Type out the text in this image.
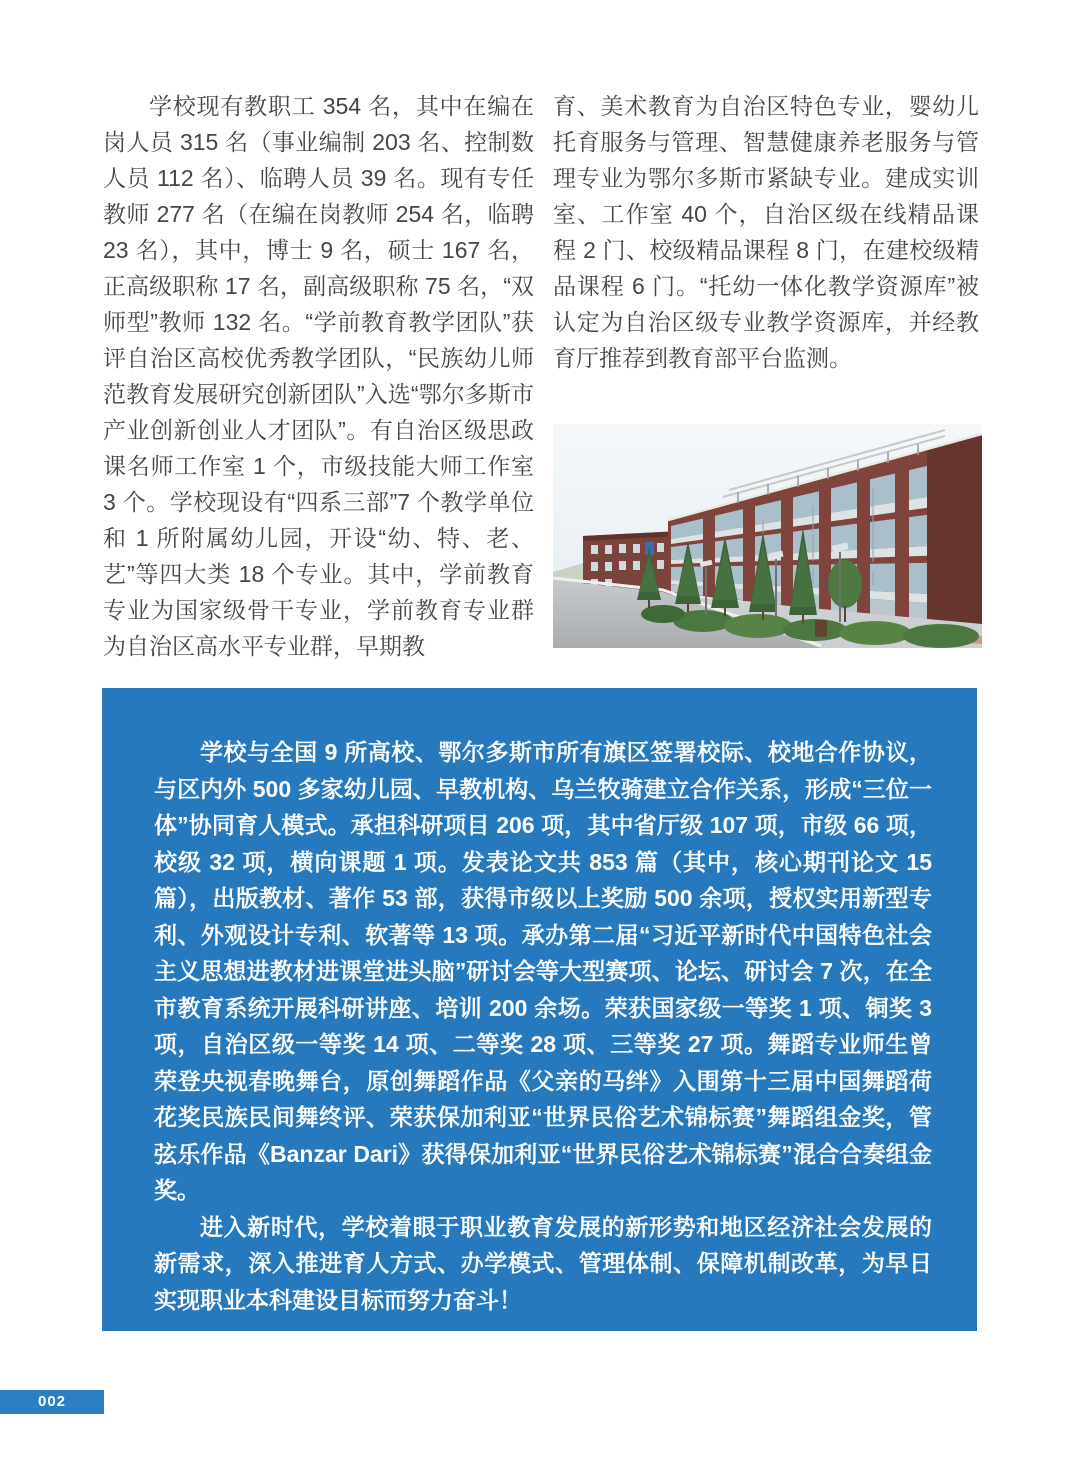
学校现有教职工 354 名，其中在编在岗人员 315 名（事业编制 203 名、控制数人员 112 名）、临聘人员 39 名。现有专任教师 277 名（在编在岗教师 254 名，临聘 23 名），其中，博士 9 名，硕士 167 名，正高级职称 17 名，副高级职称 75 名，“双师型”教师 132 名。“学前教育教学团队”获评自治区高校优秀教学团队，“民族幼儿师范教育发展研究创新团队”入选“鄂尔多斯市产业创新创业人才团队”。有自治区级思政课名师工作室 1 个，市级技能大师工作室 3 个。学校现设有“四系三部”7 个教学单位和 1 所附属幼儿园，开设“幼、特、老、艺”等四大类 18 个专业。其中，学前教育专业为国家级骨干专业，学前教育专业群为自治区高水平专业群，早期教
育、美术教育为自治区特色专业，婴幼儿托育服务与管理、智慧健康养老服务与管理专业为鄂尔多斯市紧缺专业。建成实训室、工作室 40 个，自治区级在线精品课程 2 门、校级精品课程 8 门，在建校级精品课程 6 门。“托幼一体化教学资源库”被认定为自治区级专业教学资源库，并经教育厅推荐到教育部平台监测。

学校与全国 9 所高校、鄂尔多斯市所有旗区签署校际、校地合作协议，与区内外 500 多家幼儿园、早教机构、乌兰牧骑建立合作关系，形成“三位一体”协同育人模式。承担科研项目 206 项，其中省厅级 107 项，市级 66 项，校级 32 项，横向课题 1 项。发表论文共 853 篇（其中，核心期刊论文 15 篇），出版教材、著作 53 部，获得市级以上奖励 500 余项，授权实用新型专利、外观设计专利、软著等 13 项。承办第二届“习近平新时代中国特色社会主义思想进教材进课堂进头脑”研讨会等大型赛项、论坛、研讨会 7 次，在全市教育系统开展科研讲座、培训 200 余场。荣获国家级一等奖 1 项、铜奖 3 项，自治区级一等奖 14 项、二等奖 28 项、三等奖 27 项。舞蹈专业师生曾荣登央视春晚舞台，原创舞蹈作品《父亲的马绊》入围第十三届中国舞蹈荷花奖民族民间舞终评、荣获保加利亚“世界民俗艺术锦标赛”舞蹈组金奖，管弦乐作品《Banzar Dari》获得保加利亚“世界民俗艺术锦标赛”混合合奏组金奖。

进入新时代，学校着眼于职业教育发展的新形势和地区经济社会发展的新需求，深入推进育人方式、办学模式、管理体制、保障机制改革，为早日实现职业本科建设目标而努力奋斗！

002
